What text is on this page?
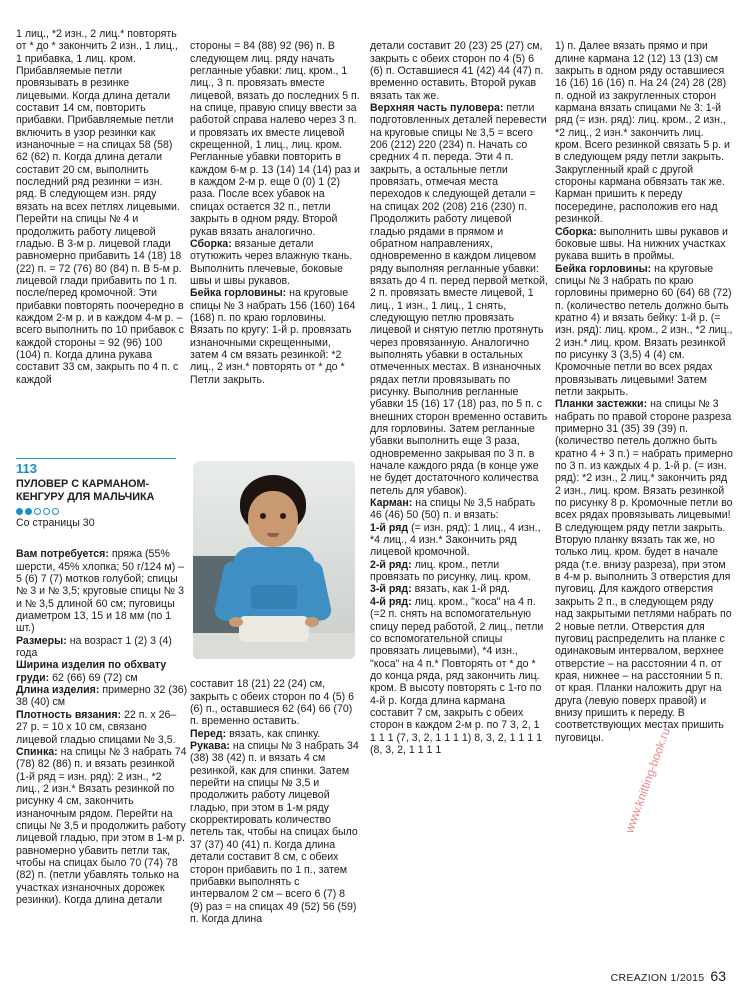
1 лиц., *2 изн., 2 лиц.* повторять от * до * закончить 2 изн., 1 лиц., 1 прибавка, 1 лиц. кром. Прибавляемые петли провязывать в резинке лицевыми. Когда длина детали составит 14 см, повторить прибавки. Прибавляемые петли включить в узор резинки как изнаночные = на спицах 58 (58) 62 (62) п. Когда длина детали составит 20 см, выполнить последний ряд резинки = изн. ряд. В следующем изн. ряду вязать на всех петлях лицевыми. Перейти на спицы № 4 и продолжить работу лицевой гладью. В 3-м р. лицевой глади равномерно прибавить 14 (18) 18 (22) п. = 72 (76) 80 (84) п. В 5-м р. лицевой глади прибавить по 1 п. после/перед кромочной. Эти прибавки повторять поочередно в каждом 2-м р. и в каждом 4-м р. – всего выполнить по 10 прибавок с каждой стороны = 92 (96) 100 (104) п. Когда длина рукава составит 33 см, закрыть по 4 п. с каждой

стороны = 84 (88) 92 (96) п. В следующем лиц. ряду начать регланные убавки: лиц. кром., 1 лиц., 3 п. провязать вместе лицевой, вязать до последних 5 п. на спице, правую спицу ввести за работой справа налево через 3 п. и провязать их вместе лицевой скрещенной, 1 лиц., лиц. кром. Регланные убавки повторить в каждом 6-м р. 13 (14) 14 (14) раз и в каждом 2-м р. еще 0 (0) 1 (2) раза. После всех убавок на спицах остается 32 п., петли закрыть в одном ряду. Второй рукав вязать аналогично.
Сборка: вязаные детали отутюжить через влажную ткань. Выполнить плечевые, боковые швы и швы рукавов.
Бейка горловины: на круговые спицы № 3 набрать 156 (160) 164 (168) п. по краю горловины. Вязать по кругу: 1-й р. провязать изнаночными скрещенными, затем 4 см вязать резинкой: *2 лиц., 2 изн.* повторять от * до * Петли закрыть.

детали составит 20 (23) 25 (27) см, закрыть с обеих сторон по 4 (5) 6 (6) п. Оставшиеся 41 (42) 44 (47) п. временно оставить. Второй рукав вязать так же.
Верхняя часть пуловера: петли подготовленных деталей перевести на круговые спицы № 3,5 = всего 206 (212) 220 (234) п. Начать со средних 4 п. переда. Эти 4 п. закрыть, а остальные петли провязать, отмечая места переходов к следующей детали = на спицах 202 (208) 216 (230) п. Продолжить работу лицевой гладью рядами в прямом и обратном направлениях, одновременно в каждом лицевом ряду выполняя регланные убавки: вязать до 4 п. перед первой меткой, 2 п. провязать вместе лицевой, 1 лиц., 1 изн., 1 лиц., 1 снять, следующую петлю провязать лицевой и снятую петлю протянуть через провязанную. Аналогично выполнять убавки в остальных отмеченных местах. В изнаночных рядах петли провязывать по рисунку. Выполнив регланные убавки 15 (16) 17 (18) раз, по 5 п. с внешних сторон временно оставить для горловины. Затем регланные убавки выполнить еще 3 раза, одновременно закрывая по 3 п. в начале каждого ряда (в конце уже не будет достаточного количества петель для убавок).
Карман: на спицы № 3,5 набрать 46 (46) 50 (50) п. и вязать:
1-й ряд (= изн. ряд): 1 лиц., 4 изн., *4 лиц., 4 изн.* Закончить ряд лицевой кромочной.
2-й ряд: лиц. кром., петли провязать по рисунку, лиц. кром.
3-й ряд: вязать, как 1-й ряд.
4-й ряд: лиц. кром., "коса" на 4 п. (=2 п. снять на вспомогательную спицу перед работой, 2 лиц., петли со вспомогательной спицы провязать лицевыми), *4 изн., "коса" на 4 п.* Повторять от * до * до конца ряда, ряд закончить лиц. кром. В высоту повторять с 1-го по 4-й р. Когда длина кармана составит 7 см, закрыть с обеих сторон в каждом 2-м р. по 7 3, 2, 1 1 1 1 (7, 3, 2, 1 1 1 1) 8, 3, 2, 1 1 1 1 (8, 3, 2, 1 1 1 1

1) п. Далее вязать прямо и при длине кармана 12 (12) 13 (13) см закрыть в одном ряду оставшиеся 16 (16) 16 (16) п. На 24 (24) 28 (28) п. одной из закругленных сторон кармана вязать спицами № 3: 1-й ряд (= изн. ряд): лиц. кром., 2 изн., *2 лиц., 2 изн.* закончить лиц. кром. Всего резинкой связать 5 р. и в следующем ряду петли закрыть. Закругленный край с другой стороны кармана обвязать так же. Карман пришить к переду посередине, расположив его над резинкой.
Сборка: выполнить швы рукавов и боковые швы. На нижних участках рукава вшить в проймы.
Бейка горловины: на круговые спицы № 3 набрать по краю горловины примерно 60 (64) 68 (72) п. (количество петель должно быть кратно 4) и вязать бейку: 1-й р. (= изн. ряд): лиц. кром., 2 изн., *2 лиц., 2 изн.* лиц. кром. Вязать резинкой по рисунку 3 (3,5) 4 (4) см. Кромочные петли во всех рядах провязывать лицевыми! Затем петли закрыть.
Планки застежки: на спицы № 3 набрать по правой стороне разреза примерно 31 (35) 39 (39) п. (количество петель должно быть кратно 4 + 3 п.) = набрать примерно по 3 п. из каждых 4 р. 1-й р. (= изн. ряд): *2 изн., 2 лиц.* закончить ряд 2 изн., лиц. кром. Вязать резинкой по рисунку 8 р. Кромочные петли во всех рядах провязывать лицевыми! В следующем ряду петли закрыть. Вторую планку вязать так же, но только лиц. кром. будет в начале ряда (т.е. внизу разреза), при этом в 4-м р. выполнить 3 отверстия для пуговиц. Для каждого отверстия закрыть 2 п., в следующем ряду над закрытыми петлями набрать по 2 новые петли. Отверстия для пуговиц распределить на планке с одинаковым интервалом, верхнее отверстие – на расстоянии 4 п. от края, нижнее – на расстоянии 5 п. от края. Планки наложить друг на друга (левую поверх правой) и внизу пришить к переду. В соответствующих местах пришить пуговицы.

113
ПУЛОВЕР С КАРМАНОМ-КЕНГУРУ ДЛЯ МАЛЬЧИКА
Со страницы 30

Вам потребуется: пряжа (55% шерсти, 45% хлопка; 50 г/124 м) – 5 (6) 7 (7) мотков голубой; спицы № 3 и № 3,5; круговые спицы № 3 и № 3,5 длиной 60 см; пуговицы диаметром 13, 15 и 18 мм (по 1 шт.)
Размеры: на возраст 1 (2) 3 (4) года
Ширина изделия по обхвату груди: 62 (66) 69 (72) см
Длина изделия: примерно 32 (36) 38 (40) см
Плотность вязания: 22 п. x 26–27 р. = 10 x 10 см, связано лицевой гладью спицами № 3,5.
Спинка: на спицы № 3 набрать 74 (78) 82 (86) п. и вязать резинкой (1-й ряд = изн. ряд): 2 изн., *2 лиц., 2 изн.* Вязать резинкой по рисунку 4 см, закончить изнаночным рядом. Перейти на спицы № 3,5 и продолжить работу лицевой гладью, при этом в 1-м р. равномерно убавить петли так, чтобы на спицах было 70 (74) 78 (82) п. (петли убавлять только на участках изнаночных дорожек резинки). Когда длина детали

составит 18 (21) 22 (24) см, закрыть с обеих сторон по 4 (5) 6 (6) п., оставшиеся 62 (64) 66 (70) п. временно оставить.
Перед: вязать, как спинку.
Рукава: на спицы № 3 набрать 34 (38) 38 (42) п. и вязать 4 см резинкой, как для спинки. Затем перейти на спицы № 3,5 и продолжить работу лицевой гладью, при этом в 1-м ряду скорректировать количество петель так, чтобы на спицах было 37 (37) 40 (41) п. Когда длина детали составит 8 см, с обеих сторон прибавить по 1 п., затем прибавки выполнять с интервалом 2 см – всего 6 (7) 8 (9) раз = на спицах 49 (52) 56 (59) п. Когда длина

www.knitting-book.ru
CREAZION 1/2015 63
